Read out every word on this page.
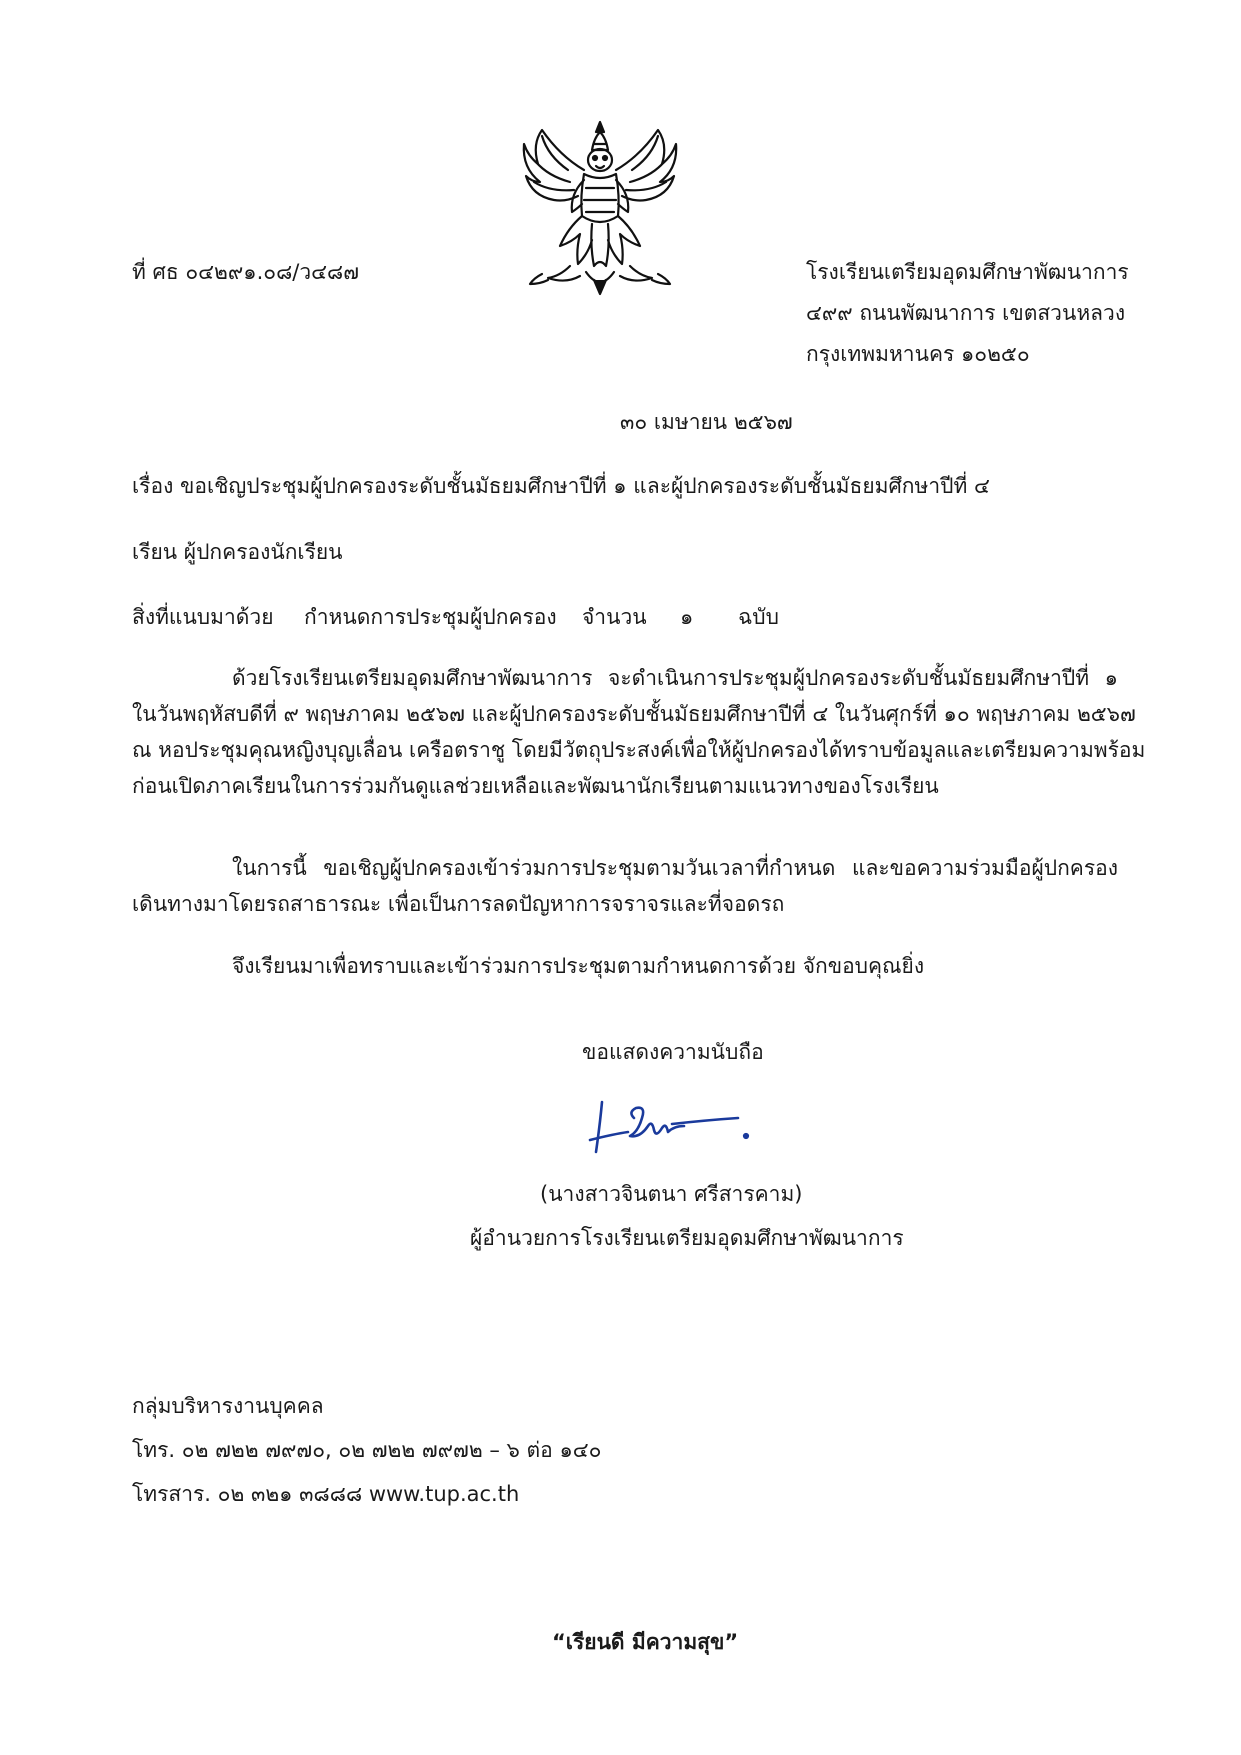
ที่ ศธ ๐๔๒๙๑.๐๘/ว๔๘๗	โรงเรียนเตรียมอุดมศึกษาพัฒนาการ
๔๙๙ ถนนพัฒนาการ เขตสวนหลวง
กรุงเทพมหานคร ๑๐๒๕๐
๓๐ เมษายน ๒๕๖๗
เรื่อง ขอเชิญประชุมผู้ปกครองระดับชั้นมัธยมศึกษาปีที่ ๑ และผู้ปกครองระดับชั้นมัธยมศึกษาปีที่ ๔
เรียน ผู้ปกครองนักเรียน
สิ่งที่แนบมาด้วย กำหนดการประชุมผู้ปกครอง จำนวน ๑ ฉบับ
ด้วยโรงเรียนเตรียมอุดมศึกษาพัฒนาการ จะดำเนินการประชุมผู้ปกครองระดับชั้นมัธยมศึกษาปีที่ ๑
ในวันพฤหัสบดีที่ ๙ พฤษภาคม ๒๕๖๗ และผู้ปกครองระดับชั้นมัธยมศึกษาปีที่ ๔ ในวันศุกร์ที่ ๑๐ พฤษภาคม ๒๕๖๗
ณ หอประชุมคุณหญิงบุญเลื่อน เครือตราชู โดยมีวัตถุประสงค์เพื่อให้ผู้ปกครองได้ทราบข้อมูลและเตรียมความพร้อม
ก่อนเปิดภาคเรียนในการร่วมกันดูแลช่วยเหลือและพัฒนานักเรียนตามแนวทางของโรงเรียน
ในการนี้ ขอเชิญผู้ปกครองเข้าร่วมการประชุมตามวันเวลาที่กำหนด และขอความร่วมมือผู้ปกครอง
เดินทางมาโดยรถสาธารณะ เพื่อเป็นการลดปัญหาการจราจรและที่จอดรถ
จึงเรียนมาเพื่อทราบและเข้าร่วมการประชุมตามกำหนดการด้วย จักขอบคุณยิ่ง
ขอแสดงความนับถือ
(นางสาวจินตนา ศรีสารคาม)
ผู้อำนวยการโรงเรียนเตรียมอุดมศึกษาพัฒนาการ
กลุ่มบริหารงานบุคคล
โทร. ๐๒ ๗๒๒ ๗๙๗๐, ๐๒ ๗๒๒ ๗๙๗๒ – ๖ ต่อ ๑๔๐
โทรสาร. ๐๒ ๓๒๑ ๓๘๘๘ www.tup.ac.th
“เรียนดี มีความสุข”
